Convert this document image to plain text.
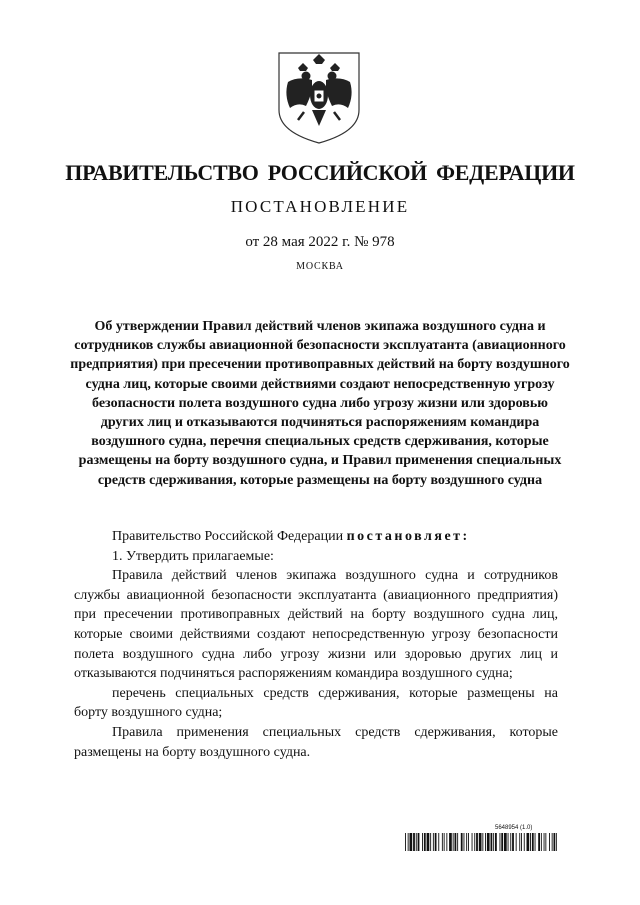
ПРАВИТЕЛЬСТВО РОССИЙСКОЙ ФЕДЕРАЦИИ
ПОСТАНОВЛЕНИЕ
от 28 мая 2022 г. № 978
МОСКВА
Об утверждении Правил действий членов экипажа воздушного судна и сотрудников службы авиационной безопасности эксплуатанта (авиационного предприятия) при пресечении противоправных действий на борту воздушного судна лиц, которые своими действиями создают непосредственную угрозу безопасности полета воздушного судна либо угрозу жизни или здоровью других лиц и отказываются подчиняться распоряжениям командира воздушного судна, перечня специальных средств сдерживания, которые размещены на борту воздушного судна, и Правил применения специальных средств сдерживания, которые размещены на борту воздушного судна

Правительство Российской Федерации постановляет:

1. Утвердить прилагаемые:

Правила действий членов экипажа воздушного судна и сотрудников службы авиационной безопасности эксплуатанта (авиационного предприятия) при пресечении противоправных действий на борту воздушного судна лиц, которые своими действиями создают непосредственную угрозу безопасности полета воздушного судна либо угрозу жизни или здоровью других лиц и отказываются подчиняться распоряжениям командира воздушного судна;

перечень специальных средств сдерживания, которые размещены на борту воздушного судна;

Правила применения специальных средств сдерживания, которые размещены на борту воздушного судна.

5648954 (1.0)
